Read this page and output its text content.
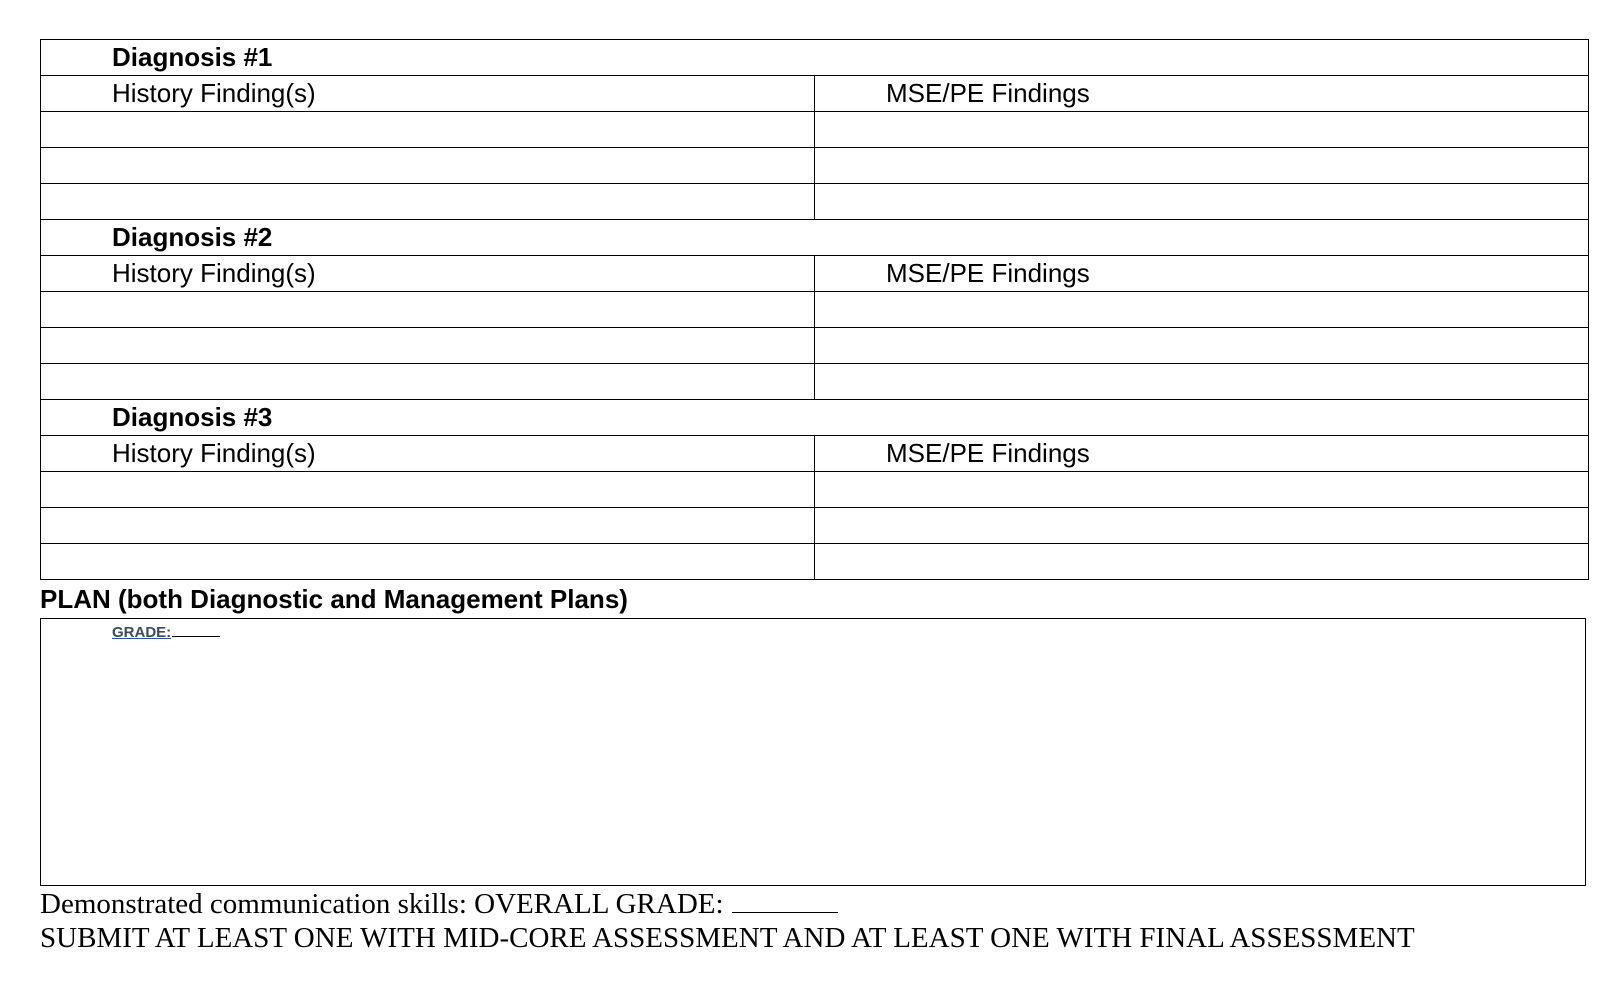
Diagnosis #1	
History Finding(s)	MSE/PE Findings

Diagnosis #2	
History Finding(s)	MSE/PE Findings

Diagnosis #3	
History Finding(s)	MSE/PE Findings

PLAN (both Diagnostic and Management Plans)
GRADE:
Demonstrated communication skills: OVERALL GRADE:
SUBMIT AT LEAST ONE WITH MID-CORE ASSESSMENT AND AT LEAST ONE WITH FINAL ASSESSMENT
